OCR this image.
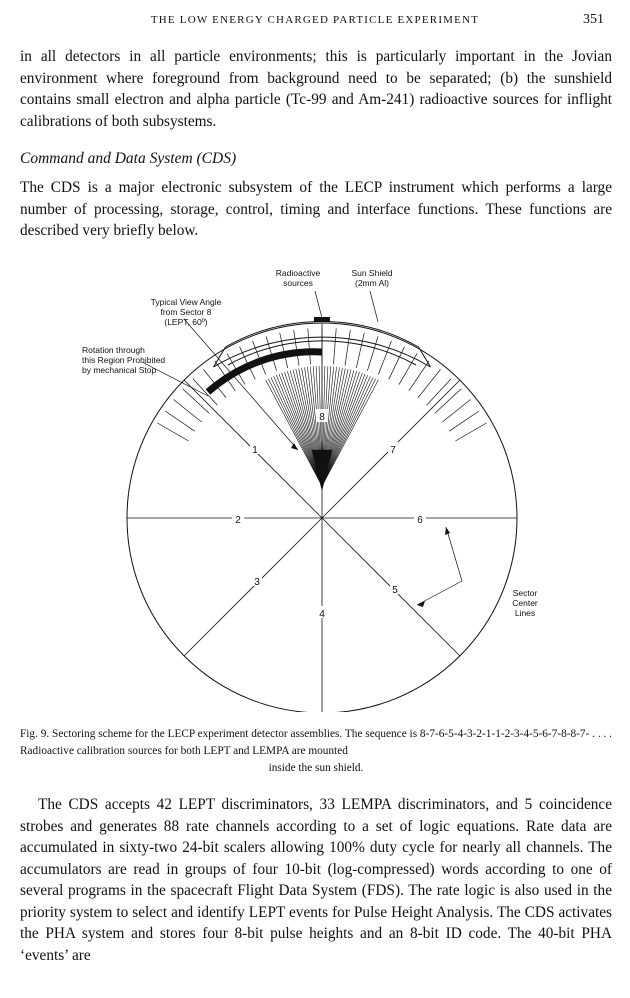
THE LOW ENERGY CHARGED PARTICLE EXPERIMENT	351

in all detectors in all particle environments; this is particularly important in the Jovian environment where foreground from background need to be separated; (b) the sunshield contains small electron and alpha particle (Tc-99 and Am-241) radioactive sources for inflight calibrations of both subsystems.

Command and Data System (CDS)

The CDS is a major electronic subsystem of the LECP instrument which performs a large number of processing, storage, control, timing and interface functions. These functions are described very briefly below.

Radioactive
sources
Sun Shield
(2mm Al)
Typical View Angle
from Sector 8
(LEPT, 60º)
Rotation through
this Region Prohibited
by mechanical Stop
Sector
Center
Lines
8
1	7
2	6
3
5
4

Fig. 9. Sectoring scheme for the LECP experiment detector assemblies. The sequence is 8-7-6-5-4-3-2-1-1-2-3-4-5-6-7-8-8-7- . . . . Radioactive calibration sources for both LEPT and LEMPA are mounted

inside the sun shield.

The CDS accepts 42 LEPT discriminators, 33 LEMPA discriminators, and 5 coincidence strobes and generates 88 rate channels according to a set of logic equations. Rate data are accumulated in sixty-two 24-bit scalers allowing 100% duty cycle for nearly all channels. The accumulators are read in groups of four 10-bit (log-compressed) words according to one of several programs in the spacecraft Flight Data System (FDS). The rate logic is also used in the priority system to select and identify LEPT events for Pulse Height Analysis. The CDS activates the PHA system and stores four 8-bit pulse heights and an 8-bit ID code. The 40-bit PHA ‘events’ are
